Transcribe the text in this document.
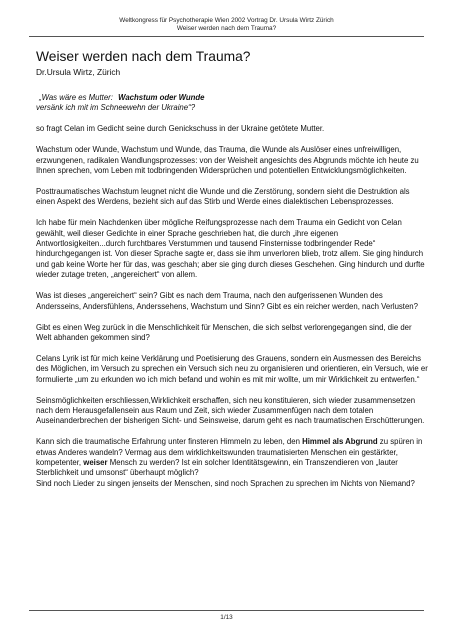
Weltkongress für Psychotherapie Wien 2002 Vortrag Dr. Ursula Wirtz Zürich
Weiser werden nach dem Trauma?
Weiser werden nach dem Trauma?
Dr.Ursula Wirtz, Zürich

„Was wäre es Mutter: Wachstum oder Wunde
versänk ich mit im Schneewehn der Ukraine“?

so fragt Celan im Gedicht seine durch Genickschuss in der Ukraine getötete Mutter.

Wachstum oder Wunde, Wachstum und Wunde, das Trauma, die Wunde als Auslöser eines unfreiwilligen, erzwungenen, radikalen Wandlungsprozesses: von der Weisheit angesichts des Abgrunds möchte ich heute zu Ihnen sprechen, vom Leben mit todbringenden Widersprüchen und potentiellen Entwicklungsmöglichkeiten.

Posttraumatisches Wachstum leugnet nicht die Wunde und die Zerstörung, sondern sieht die Destruktion als einen Aspekt des Werdens, bezieht sich auf das Stirb und Werde eines dialektischen Lebensprozesses.

Ich habe für mein Nachdenken über mögliche Reifungsprozesse nach dem Trauma ein Gedicht von Celan gewählt, weil dieser Gedichte in einer Sprache geschrieben hat, die durch „ihre eigenen Antwortlosigkeiten...durch furchtbares Verstummen und tausend Finsternisse todbringender Rede“ hindurchgegangen ist. Von dieser Sprache sagte er, dass sie ihm unverloren blieb, trotz allem. Sie ging hindurch und gab keine Worte her für das, was geschah; aber sie ging durch dieses Geschehen. Ging hindurch und durfte wieder zutage treten, „angereichert“ von allem.

Was ist dieses „angereichert“ sein? Gibt es nach dem Trauma, nach den aufgerissenen Wunden des Andersseins, Andersfühlens, Anderssehens, Wachstum und Sinn? Gibt es ein reicher werden, nach Verlusten?

Gibt es einen Weg zurück in die Menschlichkeit für Menschen, die sich selbst verlorengegangen sind, die der Welt abhanden gekommen sind?

Celans Lyrik ist für mich keine Verklärung und Poetisierung des Grauens, sondern ein Ausmessen des Bereichs des Möglichen, im Versuch zu sprechen ein Versuch sich neu zu organisieren und orientieren, ein Versuch, wie er formulierte „um zu erkunden wo ich mich befand und wohin es mit mir wollte, um mir Wirklichkeit zu entwerfen.“

Seinsmöglichkeiten erschliessen,Wirklichkeit erschaffen, sich neu konstituieren, sich wieder zusammensetzen nach dem Herausgefallensein aus Raum und Zeit, sich wieder Zusammenfügen nach dem totalen Auseinanderbrechen der bisherigen Sicht- und Seinsweise, darum geht es nach traumatischen Erschütterungen.

Kann sich die traumatische Erfahrung unter finsteren Himmeln zu leben, den Himmel als Abgrund zu spüren in etwas Anderes wandeln? Vermag aus dem wirklichkeitswunden traumatisierten Menschen ein gestärkter, kompetenter, weiser Mensch zu werden? Ist ein solcher Identitätsgewinn, ein Transzendieren von „lauter Sterblichkeit und umsonst“ überhaupt möglich?

Sind noch Lieder zu singen jenseits der Menschen, sind noch Sprachen zu sprechen im Nichts von Niemand?

1/13
